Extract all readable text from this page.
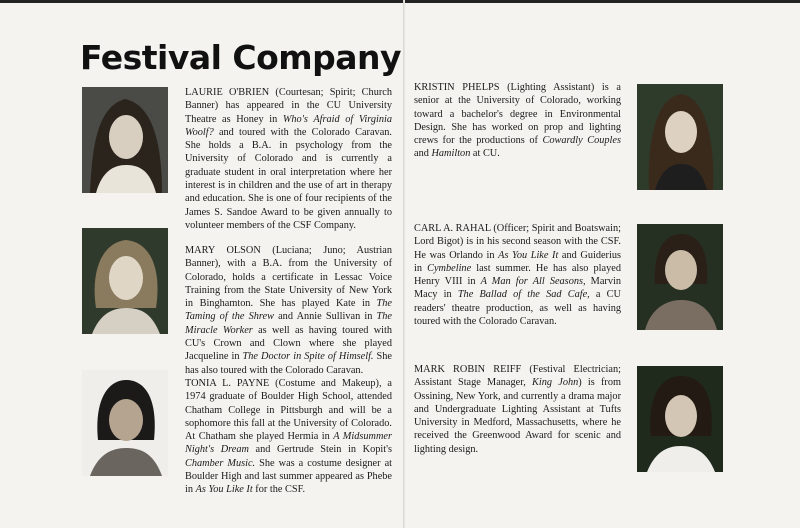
Festival Company
LAURIE O'BRIEN (Courtesan; Spirit; Church Banner) has appeared in the CU University Theatre as Honey in Who's Afraid of Virginia Woolf? and toured with the Colorado Caravan. She holds a B.A. in psychology from the University of Colorado and is currently a graduate student in oral interpretation where her interest is in children and the use of art in therapy and education. She is one of four recipients of the James S. Sandoe Award to be given annually to volunteer members of the CSF Company.
MARY OLSON (Luciana; Juno; Austrian Banner), with a B.A. from the University of Colorado, holds a certificate in Lessac Voice Training from the State University of New York in Binghamton. She has played Kate in The Taming of the Shrew and Annie Sullivan in The Miracle Worker as well as having toured with CU's Crown and Clown where she played Jacqueline in The Doctor in Spite of Himself. She has also toured with the Colorado Caravan.
TONIA L. PAYNE (Costume and Makeup), a 1974 graduate of Boulder High School, attended Chatham College in Pittsburgh and will be a sophomore this fall at the University of Colorado. At Chatham she played Hermia in A Midsummer Night's Dream and Gertrude Stein in Kopit's Chamber Music. She was a costume designer at Boulder High and last summer appeared as Phebe in As You Like It for the CSF.
KRISTIN PHELPS (Lighting Assistant) is a senior at the University of Colorado, working toward a bachelor's degree in Environmental Design. She has worked on prop and lighting crews for the productions of Cowardly Couples and Hamilton at CU.
CARL A. RAHAL (Officer; Spirit and Boatswain; Lord Bigot) is in his second season with the CSF. He was Orlando in As You Like It and Guiderius in Cymbeline last summer. He has also played Henry VIII in A Man for All Seasons, Marvin Macy in The Ballad of the Sad Cafe, a CU readers' theatre production, as well as having toured with the Colorado Caravan.
MARK ROBIN REIFF (Festival Electrician; Assistant Stage Manager, King John) is from Ossining, New York, and currently a drama major and Undergraduate Lighting Assistant at Tufts University in Medford, Massachusetts, where he received the Greenwood Award for scenic and lighting design.
